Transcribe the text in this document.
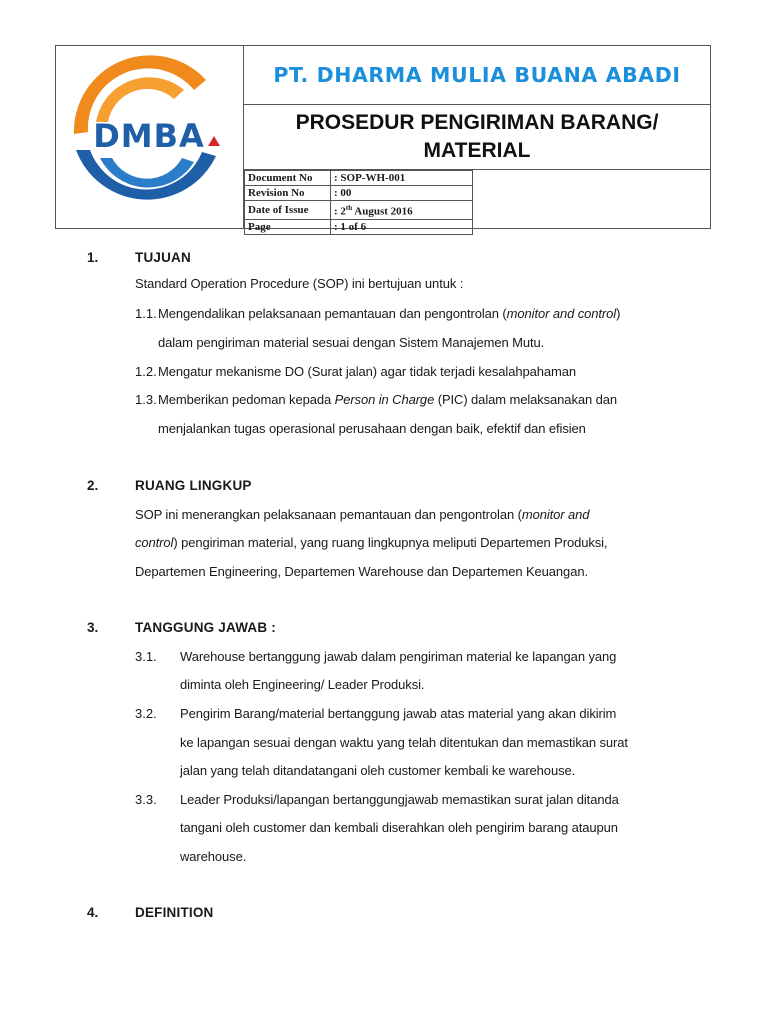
DMBA
PT. DHARMA MULIA BUANA ABADI
PROSEDUR PENGIRIMAN BARANG/
MATERIAL
Document No	: SOP-WH-001	
Revision No	: 00	
Date of Issue	: 2th August 2016	
Page	: 1 of 6	
1.	TUJUAN
Standard Operation Procedure (SOP) ini bertujuan untuk :
1.1. Mengendalikan pelaksanaan pemantauan dan pengontrolan (monitor and control)
dalam pengiriman material sesuai dengan Sistem Manajemen Mutu.
1.2. Mengatur mekanisme DO (Surat jalan) agar tidak terjadi kesalahpahaman
1.3. Memberikan pedoman kepada Person in Charge (PIC) dalam melaksanakan dan
menjalankan tugas operasional perusahaan dengan baik, efektif dan efisien
2.	RUANG LINGKUP
SOP ini menerangkan pelaksanaan pemantauan dan pengontrolan (monitor and
control) pengiriman material, yang ruang lingkupnya meliputi Departemen Produksi,
Departemen Engineering, Departemen Warehouse dan Departemen Keuangan.
3.	TANGGUNG JAWAB :
3.1. Warehouse bertanggung jawab dalam pengiriman material ke lapangan yang
diminta oleh Engineering/ Leader Produksi.
3.2. Pengirim Barang/material bertanggung jawab atas material yang akan dikirim
ke lapangan sesuai dengan waktu yang telah ditentukan dan memastikan surat
jalan yang telah ditandatangani oleh customer kembali ke warehouse.
3.3. Leader Produksi/lapangan bertanggungjawab memastikan surat jalan ditanda
tangani oleh customer dan kembali diserahkan oleh pengirim barang ataupun
warehouse.
4.	DEFINITION
